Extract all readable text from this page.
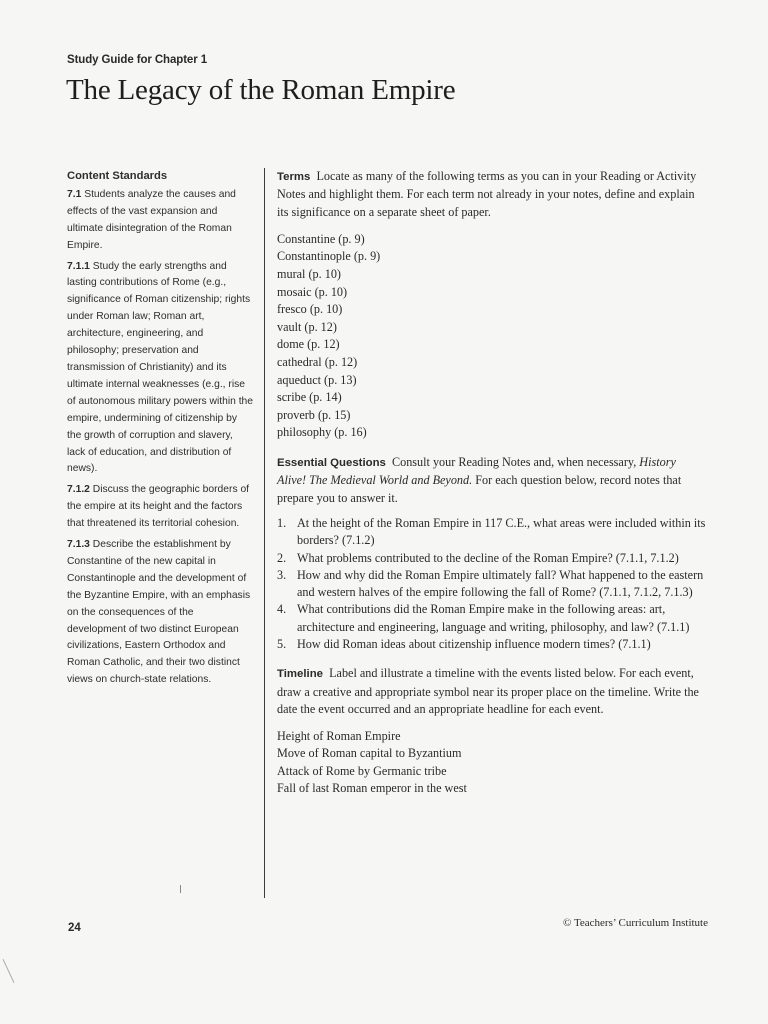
Study Guide for Chapter 1
The Legacy of the Roman Empire
Content Standards

7.1 Students analyze the causes and effects of the vast expansion and ultimate disintegration of the Roman Empire.

7.1.1 Study the early strengths and lasting contributions of Rome (e.g., significance of Roman citizenship; rights under Roman law; Roman art, architecture, engineering, and philosophy; preservation and transmission of Christianity) and its ultimate internal weaknesses (e.g., rise of autonomous military powers within the empire, undermining of citizenship by the growth of corruption and slavery, lack of education, and distribution of news).

7.1.2 Discuss the geographic borders of the empire at its height and the factors that threatened its territorial cohesion.

7.1.3 Describe the establishment by Constantine of the new capital in Constantinople and the development of the Byzantine Empire, with an emphasis on the consequences of the development of two distinct European civilizations, Eastern Orthodox and Roman Catholic, and their two distinct views on church-state relations.

Terms Locate as many of the following terms as you can in your Reading or Activity Notes and highlight them. For each term not already in your notes, define and explain its significance on a separate sheet of paper.

Constantine (p. 9)
Constantinople (p. 9)
mural (p. 10)
mosaic (p. 10)
fresco (p. 10)
vault (p. 12)
dome (p. 12)
cathedral (p. 12)
aqueduct (p. 13)
scribe (p. 14)
proverb (p. 15)
philosophy (p. 16)

Essential Questions Consult your Reading Notes and, when necessary, History Alive! The Medieval World and Beyond. For each question below, record notes that prepare you to answer it.

1. At the height of the Roman Empire in 117 C.E., what areas were included within its borders? (7.1.2)
2. What problems contributed to the decline of the Roman Empire? (7.1.1, 7.1.2)
3. How and why did the Roman Empire ultimately fall? What happened to the eastern and western halves of the empire following the fall of Rome? (7.1.1, 7.1.2, 7.1.3)
4. What contributions did the Roman Empire make in the following areas: art, architecture and engineering, language and writing, philosophy, and law? (7.1.1)
5. How did Roman ideas about citizenship influence modern times? (7.1.1)

Timeline Label and illustrate a timeline with the events listed below. For each event, draw a creative and appropriate symbol near its proper place on the timeline. Write the date the event occurred and an appropriate headline for each event.

Height of Roman Empire
Move of Roman capital to Byzantium
Attack of Rome by Germanic tribe
Fall of last Roman emperor in the west
24	© Teachers’ Curriculum Institute
